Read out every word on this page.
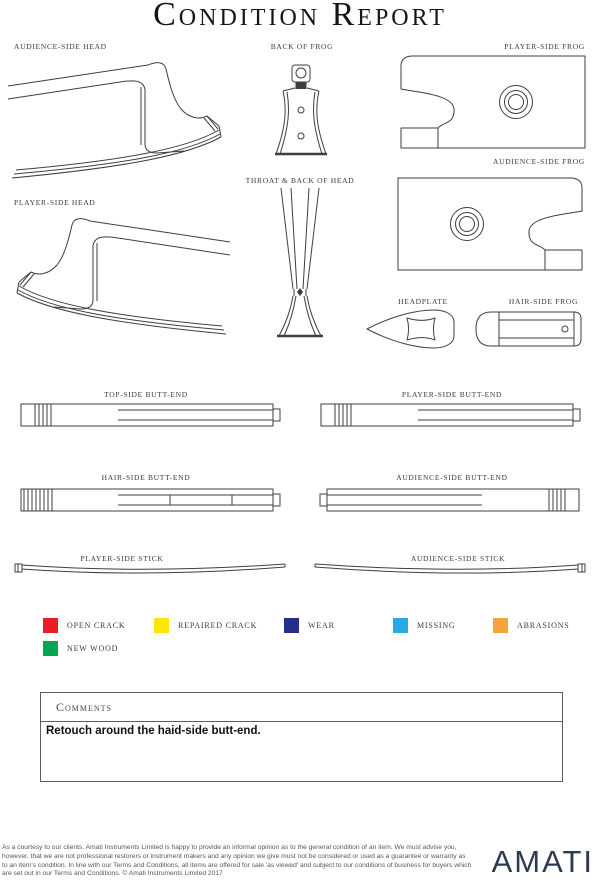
Condition Report
AUDIENCE-SIDE HEAD	BACK OF FROG	PLAYER-SIDE FROG
AUDIENCE-SIDE FROG
THROAT & BACK OF HEAD
PLAYER-SIDE HEAD
HEADPLATE	HAIR-SIDE FROG
TOP-SIDE BUTT-END	PLAYER-SIDE BUTT-END
HAIR-SIDE BUTT-END	AUDIENCE-SIDE BUTT-END
PLAYER-SIDE STICK	AUDIENCE-SIDE STICK
OPEN CRACK	REPAIRED CRACK	WEAR	MISSING	ABRASIONS
NEW WOOD
Comments
Retouch around the haid-side butt-end.
As a courtesy to our clients, Amati Instruments Limited is happy to provide an informal opinion as to the general condition of an item. We must advise you, however, that we are not professional restorers or instrument makers and any opinion we give must not be considered or used as a guarantee or warranty as to an item's condition. In line with our Terms and Conditions, all items are offered for sale 'as viewed' and subject to our conditions of business for buyers which are set out in our Terms and Conditions. © Amati Instruments Limited 2017	AMATI
